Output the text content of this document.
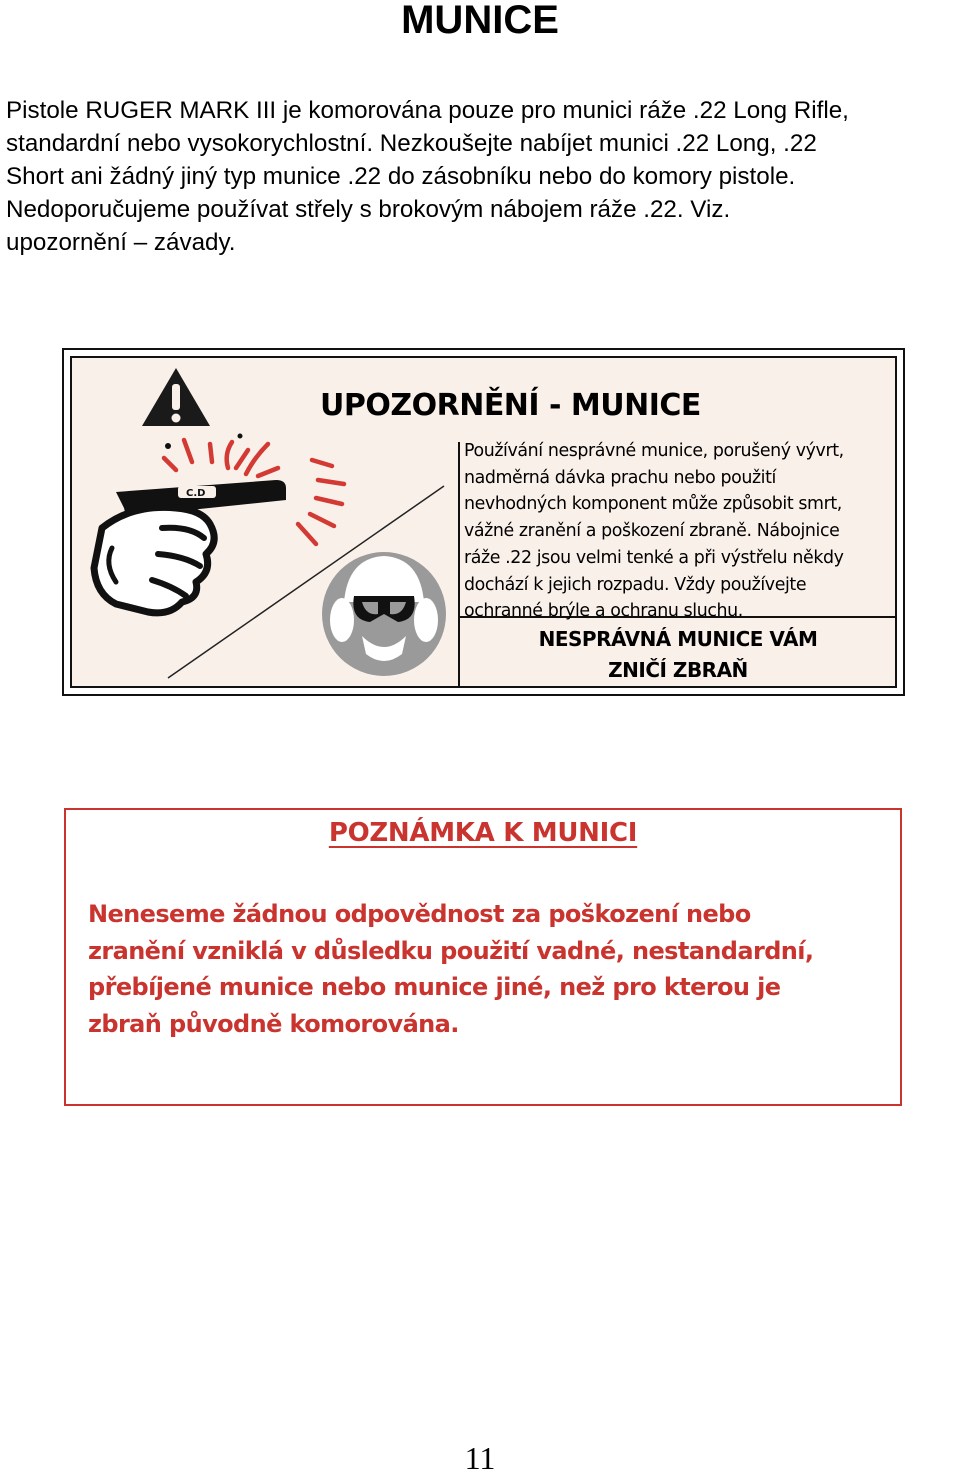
MUNICE
Pistole RUGER MARK III je komorována pouze pro munici ráže .22 Long Rifle,
standardní nebo vysokorychlostní. Nezkoušejte nabíjet munici .22 Long, .22
Short ani žádný jiný typ munice .22 do zásobníku nebo do komory pistole.
Nedoporučujeme používat střely s brokovým nábojem ráže .22. Viz.
upozornění – závady.
C.D
UPOZORNĚNÍ - MUNICE
Používání nesprávné munice, porušený vývrt,
nadměrná dávka prachu nebo použití
nevhodných komponent může způsobit smrt,
vážné zranění a poškození zbraně. Nábojnice
ráže .22 jsou velmi tenké a při výstřelu někdy
dochází k jejich rozpadu. Vždy používejte
ochranné brýle a ochranu sluchu.
NESPRÁVNÁ MUNICE VÁM
ZNIČÍ ZBRAŇ
POZNÁMKA K MUNICI
Neneseme žádnou odpovědnost za poškození nebo
zranění vzniklá v důsledku použití vadné, nestandardní,
přebíjené munice nebo munice jiné, než pro kterou je
zbraň původně komorována.
11
